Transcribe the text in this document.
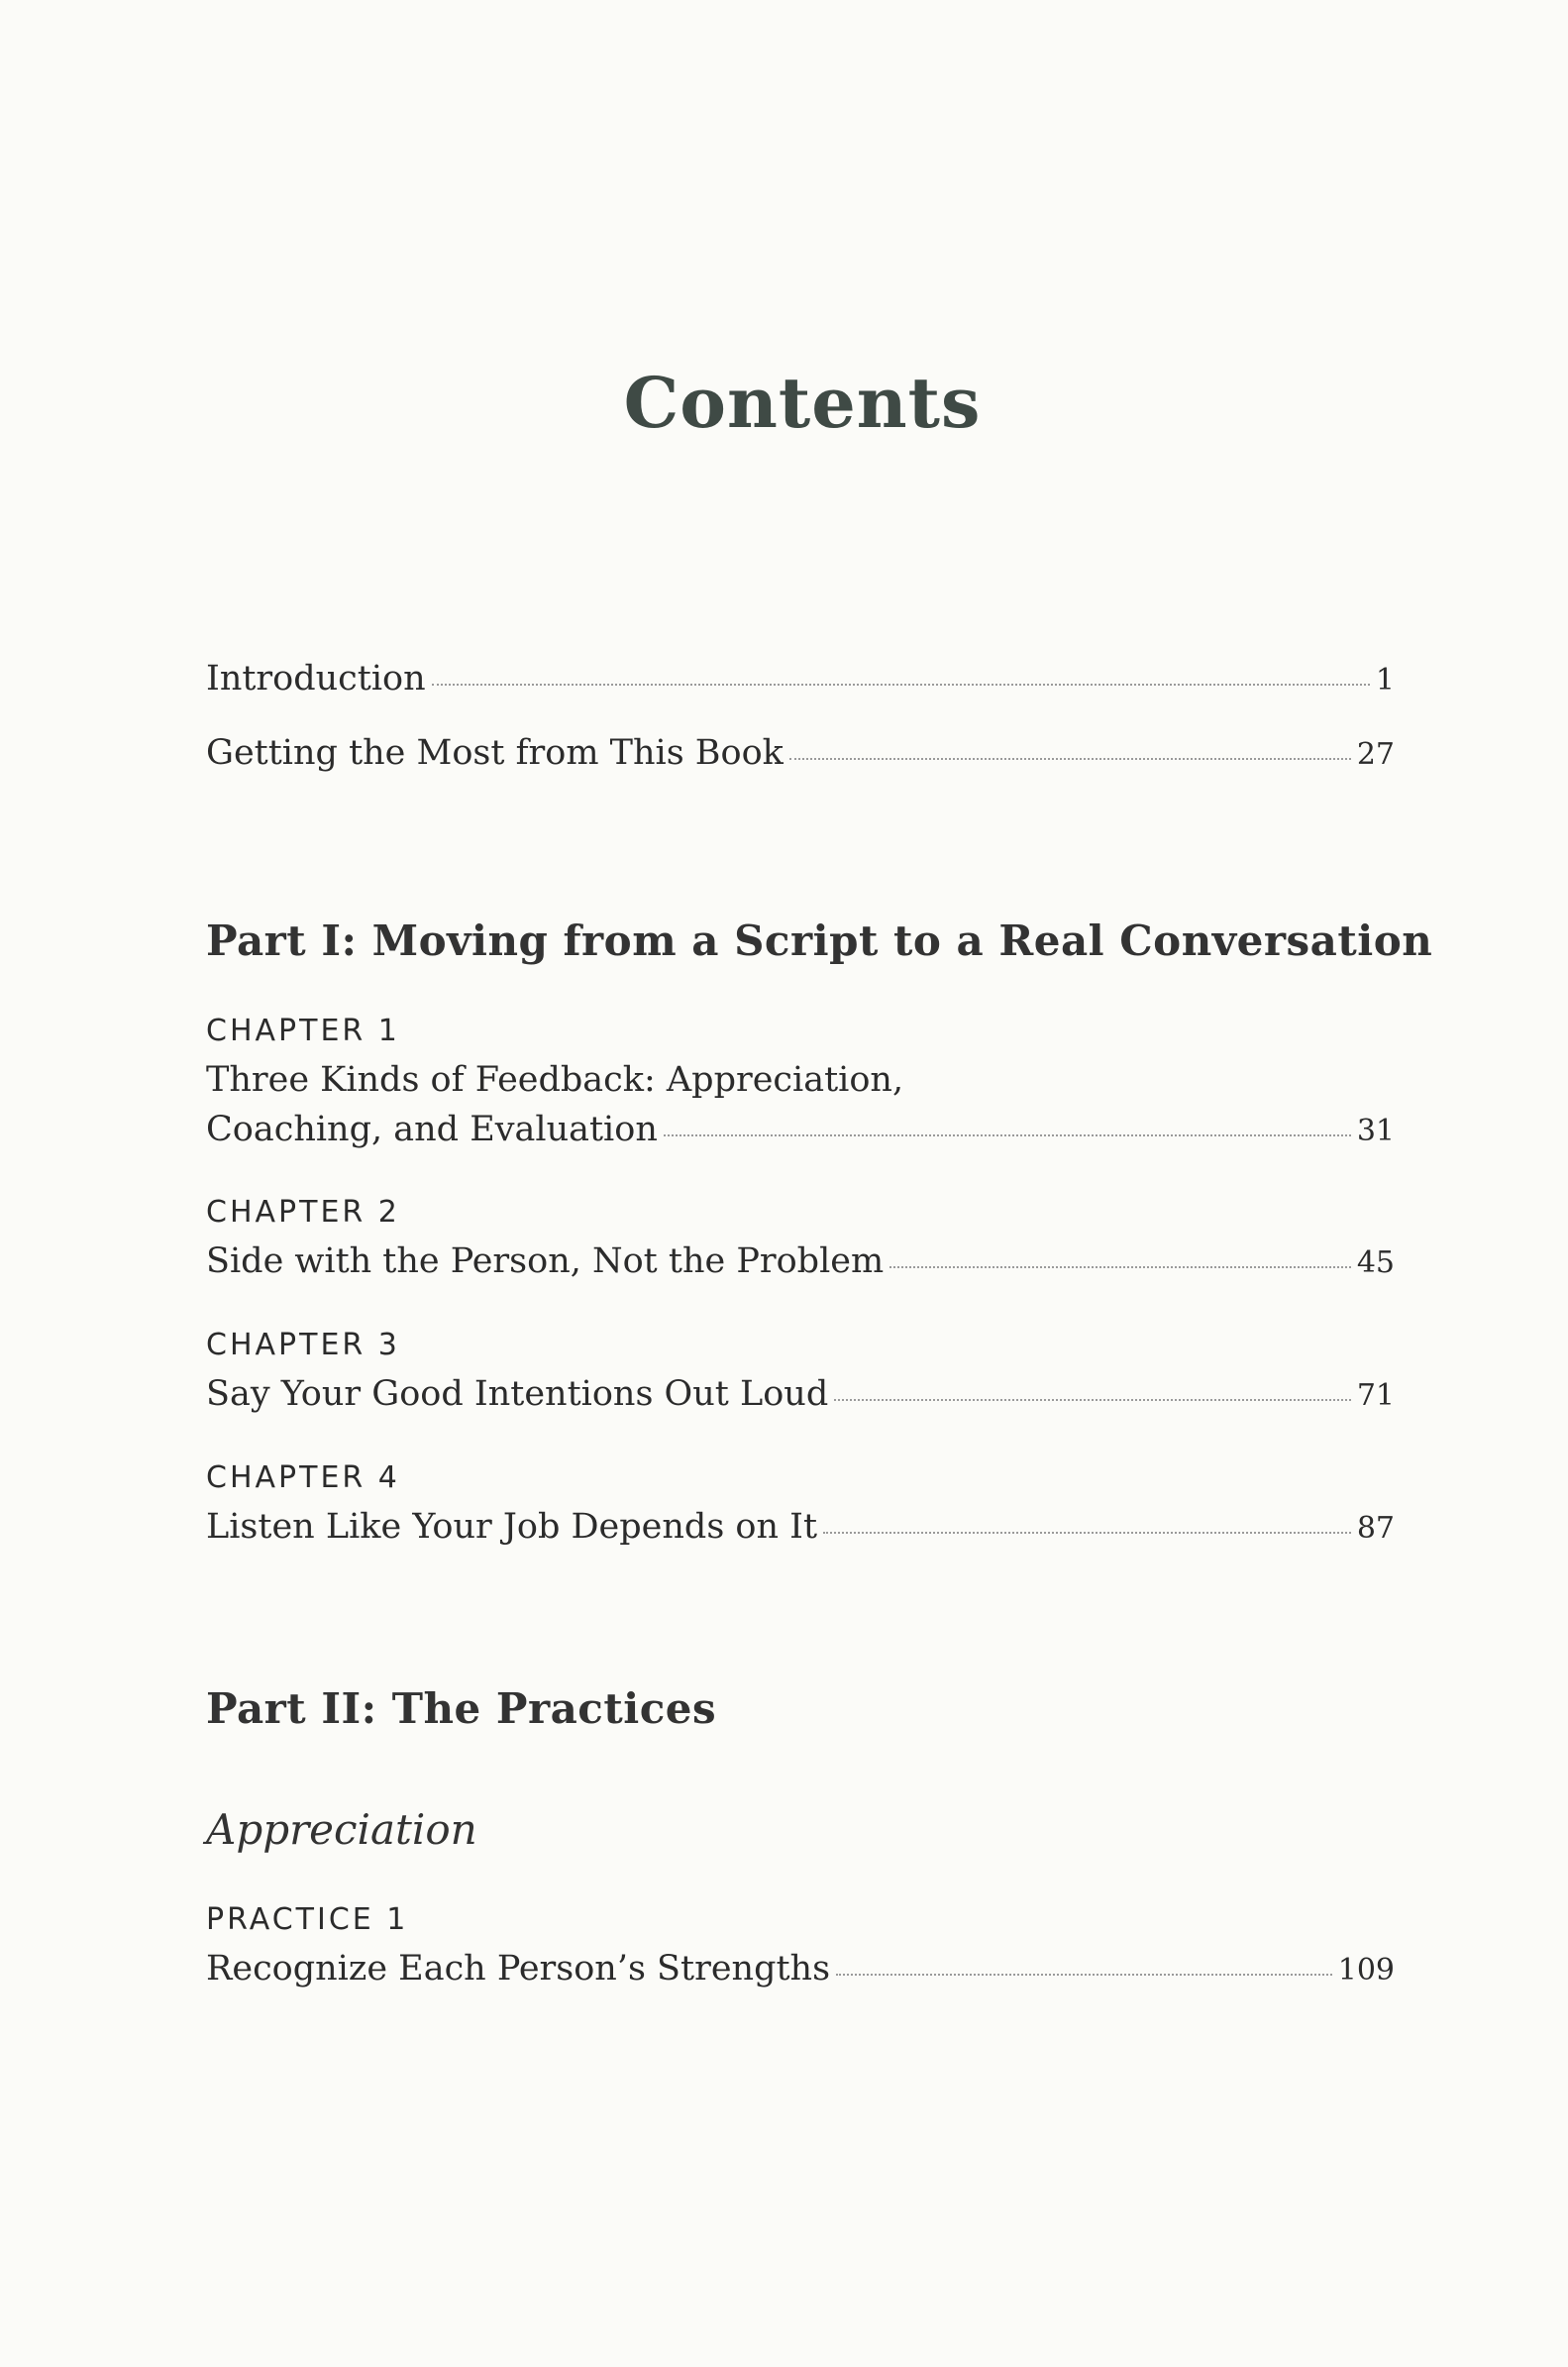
Contents
Introduction	1
Getting the Most from This Book	27
Part I: Moving from a Script to a Real Conversation
CHAPTER 1
Three Kinds of Feedback: Appreciation,
Coaching, and Evaluation	31
CHAPTER 2
Side with the Person, Not the Problem	45
CHAPTER 3
Say Your Good Intentions Out Loud	71
CHAPTER 4
Listen Like Your Job Depends on It	87
Part II: The Practices
Appreciation
PRACTICE 1
Recognize Each Person’s Strengths	109
